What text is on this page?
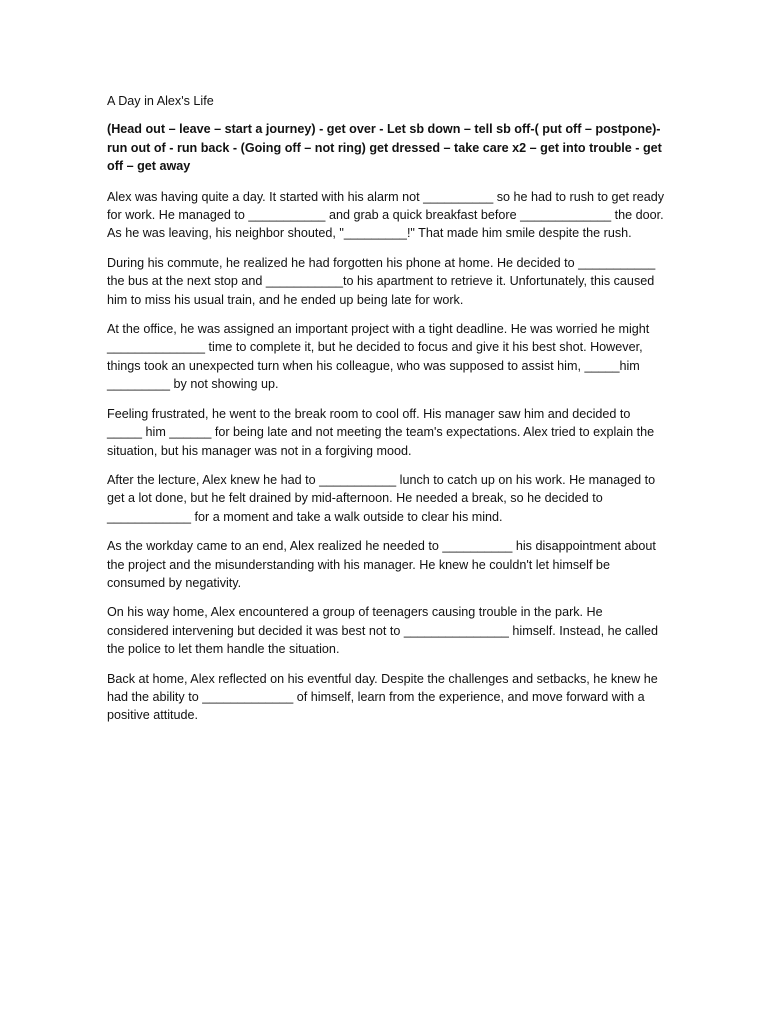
A Day in Alex's Life
(Head out – leave – start a journey) - get over - Let sb down – tell sb off-( put off – postpone)- run out of - run back - (Going off – not ring) get dressed – take care x2 – get into trouble - get off – get away

Alex was having quite a day. It started with his alarm not __________ so he had to rush to get ready for work. He managed to ___________ and grab a quick breakfast before _____________ the door. As he was leaving, his neighbor shouted, "_________!" That made him smile despite the rush.

During his commute, he realized he had forgotten his phone at home. He decided to ___________ the bus at the next stop and ___________to his apartment to retrieve it. Unfortunately, this caused him to miss his usual train, and he ended up being late for work.

At the office, he was assigned an important project with a tight deadline. He was worried he might ______________ time to complete it, but he decided to focus and give it his best shot. However, things took an unexpected turn when his colleague, who was supposed to assist him, _____him _________ by not showing up.

Feeling frustrated, he went to the break room to cool off. His manager saw him and decided to _____ him ______ for being late and not meeting the team's expectations. Alex tried to explain the situation, but his manager was not in a forgiving mood.

After the lecture, Alex knew he had to ___________ lunch to catch up on his work. He managed to get a lot done, but he felt drained by mid-afternoon. He needed a break, so he decided to ____________ for a moment and take a walk outside to clear his mind.

As the workday came to an end, Alex realized he needed to __________ his disappointment about the project and the misunderstanding with his manager. He knew he couldn't let himself be consumed by negativity.

On his way home, Alex encountered a group of teenagers causing trouble in the park. He considered intervening but decided it was best not to _______________ himself. Instead, he called the police to let them handle the situation.

Back at home, Alex reflected on his eventful day. Despite the challenges and setbacks, he knew he had the ability to _____________ of himself, learn from the experience, and move forward with a positive attitude.
